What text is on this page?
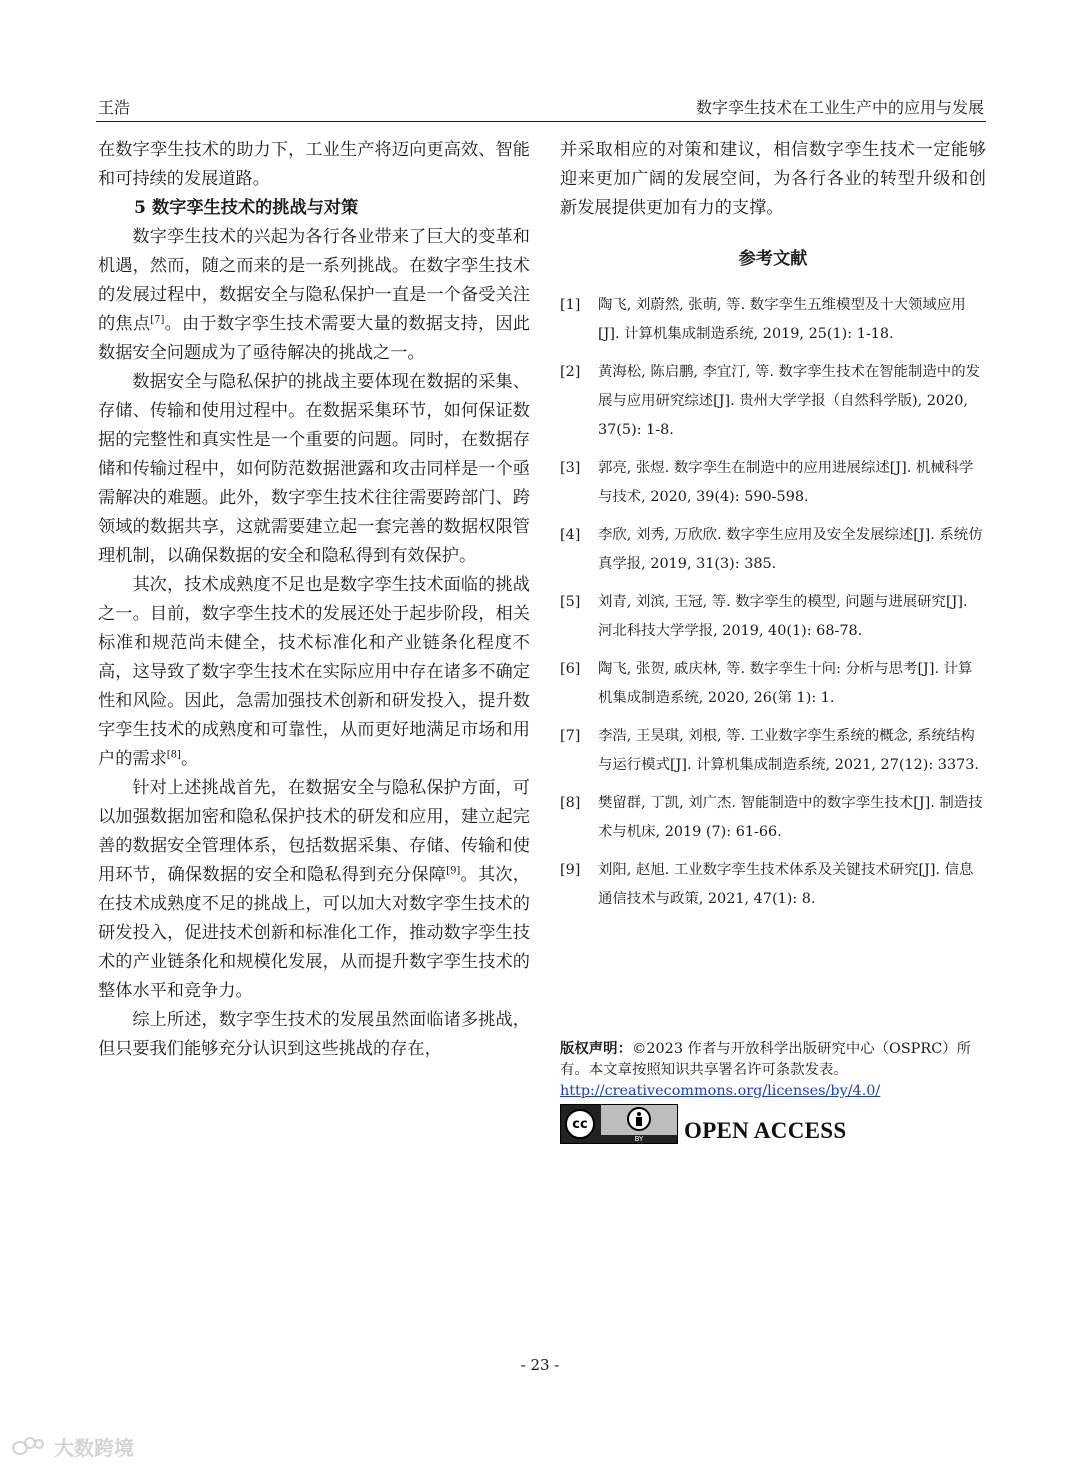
王浩	数字孪生技术在工业生产中的应用与发展

在数字孪生技术的助力下，工业生产将迈向更高效、智能和可持续的发展道路。

5 数字孪生技术的挑战与对策

数字孪生技术的兴起为各行各业带来了巨大的变革和机遇，然而，随之而来的是一系列挑战。在数字孪生技术的发展过程中，数据安全与隐私保护一直是一个备受关注的焦点[7]。由于数字孪生技术需要大量的数据支持，因此数据安全问题成为了亟待解决的挑战之一。

数据安全与隐私保护的挑战主要体现在数据的采集、存储、传输和使用过程中。在数据采集环节，如何保证数据的完整性和真实性是一个重要的问题。同时，在数据存储和传输过程中，如何防范数据泄露和攻击同样是一个亟需解决的难题。此外，数字孪生技术往往需要跨部门、跨领域的数据共享，这就需要建立起一套完善的数据权限管理机制，以确保数据的安全和隐私得到有效保护。

其次，技术成熟度不足也是数字孪生技术面临的挑战之一。目前，数字孪生技术的发展还处于起步阶段，相关标准和规范尚未健全，技术标准化和产业链条化程度不高，这导致了数字孪生技术在实际应用中存在诸多不确定性和风险。因此，急需加强技术创新和研发投入，提升数字孪生技术的成熟度和可靠性，从而更好地满足市场和用户的需求[8]。

针对上述挑战首先，在数据安全与隐私保护方面，可以加强数据加密和隐私保护技术的研发和应用，建立起完善的数据安全管理体系，包括数据采集、存储、传输和使用环节，确保数据的安全和隐私得到充分保障[9]。其次，在技术成熟度不足的挑战上，可以加大对数字孪生技术的研发投入，促进技术创新和标准化工作，推动数字孪生技术的产业链条化和规模化发展，从而提升数字孪生技术的整体水平和竞争力。

综上所述，数字孪生技术的发展虽然面临诸多挑战，但只要我们能够充分认识到这些挑战的存在，

并采取相应的对策和建议，相信数字孪生技术一定能够迎来更加广阔的发展空间，为各行各业的转型升级和创新发展提供更加有力的支撑。

参考文献
[1]	陶飞, 刘蔚然, 张萌, 等. 数字孪生五维模型及十大领域应用[J]. 计算机集成制造系统, 2019, 25(1): 1-18.
[2]	黄海松, 陈启鹏, 李宜汀, 等. 数字孪生技术在智能制造中的发展与应用研究综述[J]. 贵州大学学报（自然科学版), 2020, 37(5): 1-8.
[3]	郭亮, 张煜. 数字孪生在制造中的应用进展综述[J]. 机械科学与技术, 2020, 39(4): 590-598.
[4]	李欣, 刘秀, 万欣欣. 数字孪生应用及安全发展综述[J]. 系统仿真学报, 2019, 31(3): 385.
[5]	刘青, 刘滨, 王冠, 等. 数字孪生的模型, 问题与进展研究[J]. 河北科技大学学报, 2019, 40(1): 68-78.
[6]	陶飞, 张贺, 戚庆林, 等. 数字孪生十问: 分析与思考[J]. 计算机集成制造系统, 2020, 26(第 1): 1.
[7]	李浩, 王昊琪, 刘根, 等. 工业数字孪生系统的概念, 系统结构与运行模式[J]. 计算机集成制造系统, 2021, 27(12): 3373.
[8]	樊留群, 丁凯, 刘广杰. 智能制造中的数字孪生技术[J]. 制造技术与机床, 2019 (7): 61-66.
[9]	刘阳, 赵旭. 工业数字孪生技术体系及关键技术研究[J]. 信息通信技术与政策, 2021, 47(1): 8.
版权声明：©2023 作者与开放科学出版研究中心（OSPRC）所有。本文章按照知识共享署名许可条款发表。
http://creativecommons.org/licenses/by/4.0/
cc
BY	OPEN ACCESS
- 23 -
大数跨境
